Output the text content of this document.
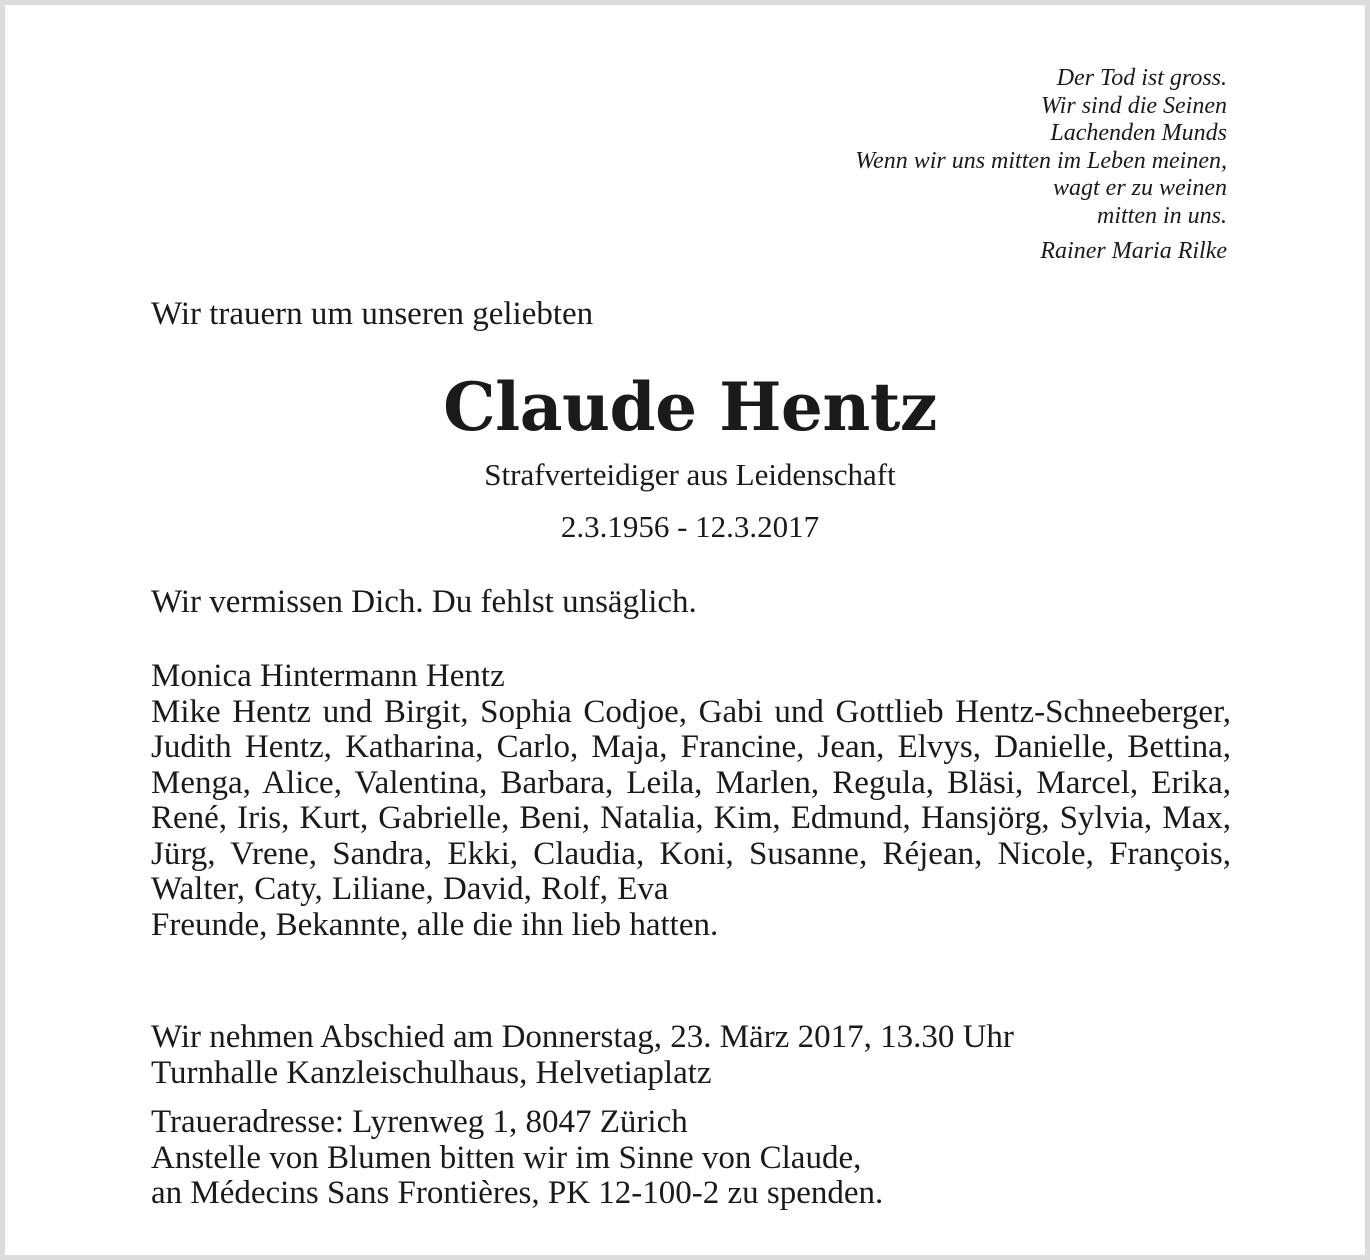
Der Tod ist gross.
Wir sind die Seinen
Lachenden Munds
Wenn wir uns mitten im Leben meinen,
wagt er zu weinen
mitten in uns.
Rainer Maria Rilke
Wir trauern um unseren geliebten
Claude Hentz
Strafverteidiger aus Leidenschaft
2.3.1956 - 12.3.2017
Wir vermissen Dich. Du fehlst unsäglich.
Monica Hintermann Hentz
Mike Hentz und Birgit, Sophia Codjoe, Gabi und Gottlieb Hentz-Schneeberger, Judith Hentz, Katharina, Carlo, Maja, Francine, Jean, Elvys, Danielle, Bettina, Menga, Alice, Valentina, Barbara, Leila, Marlen, Regula, Bläsi, Marcel, Erika, René, Iris, Kurt, Gabrielle, Beni, Natalia, Kim, Edmund, Hansjörg, Sylvia, Max, Jürg, Vrene, Sandra, Ekki, Claudia, Koni, Susanne, Réjean, Nicole, François, Walter, Caty, Liliane, David, Rolf, Eva
Freunde, Bekannte, alle die ihn lieb hatten.
Wir nehmen Abschied am Donnerstag, 23. März 2017, 13.30 Uhr
Turnhalle Kanzleischulhaus, Helvetiaplatz
Traueradresse: Lyrenweg 1, 8047 Zürich
Anstelle von Blumen bitten wir im Sinne von Claude,
an Médecins Sans Frontières, PK 12-100-2 zu spenden.
